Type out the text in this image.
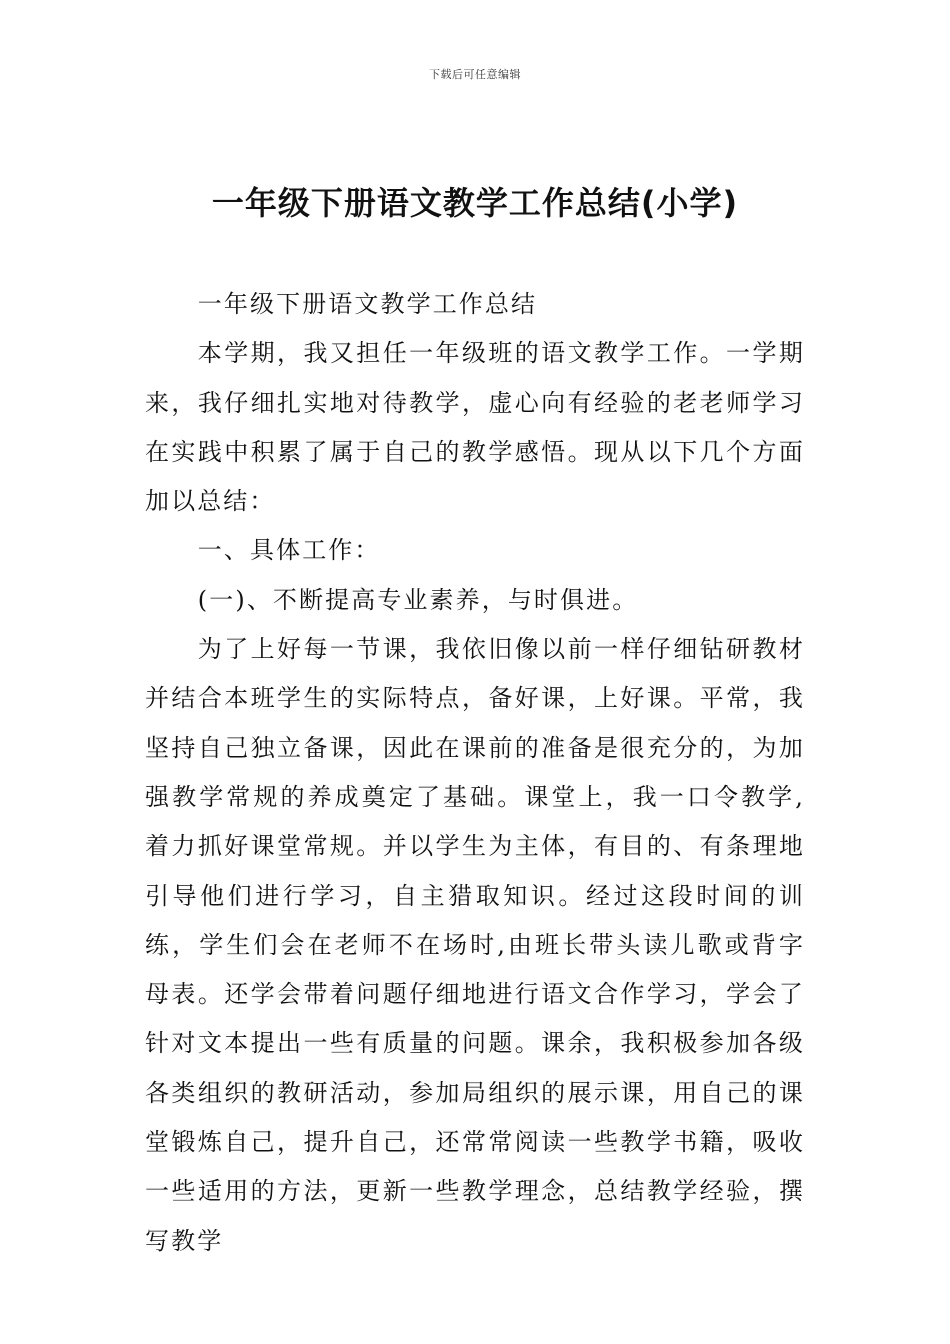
下载后可任意编辑
一年级下册语文教学工作总结(小学)

一年级下册语文教学工作总结

本学期，我又担任一年级班的语文教学工作。一学期来，我仔细扎实地对待教学，虚心向有经验的老老师学习在实践中积累了属于自己的教学感悟。现从以下几个方面加以总结：

一、具体工作：

(一)、不断提高专业素养，与时俱进。

为了上好每一节课，我依旧像以前一样仔细钻研教材并结合本班学生的实际特点，备好课，上好课。平常，我坚持自己独立备课，因此在课前的准备是很充分的，为加强教学常规的养成奠定了基础。课堂上，我一口令教学,着力抓好课堂常规。并以学生为主体，有目的、有条理地引导他们进行学习，自主猎取知识。经过这段时间的训练，学生们会在老师不在场时,由班长带头读儿歌或背字母表。还学会带着问题仔细地进行语文合作学习，学会了针对文本提出一些有质量的问题。课余，我积极参加各级各类组织的教研活动，参加局组织的展示课，用自己的课堂锻炼自己，提升自己，还常常阅读一些教学书籍，吸收一些适用的方法，更新一些教学理念，总结教学经验，撰写教学
